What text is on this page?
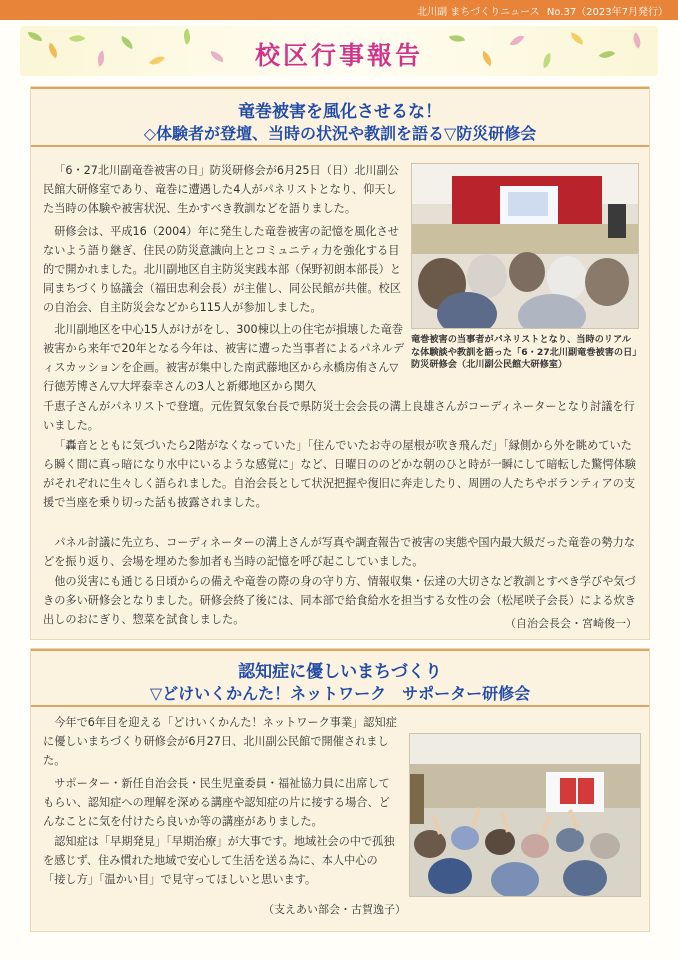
北川副 まちづくりニュース No.37（2023年7月発行）
校区行事報告
竜巻被害を風化させるな！
◇体験者が登壇、当時の状況や教訓を語る▽防災研修会

「6・27北川副竜巻被害の日」防災研修会が6月25日（日）北川副公民館大研修室であり、竜巻に遭遇した4人がパネリストとなり、仰天した当時の体験や被害状況、生かすべき教訓などを語りました。

研修会は、平成16（2004）年に発生した竜巻被害の記憶を風化させないよう語り継ぎ、住民の防災意識向上とコミュニティ力を強化する目的で開かれました。北川副地区自主防災実践本部（保野初朗本部長）と同まちづくり協議会（福田忠利会長）が主催し、同公民館が共催。校区の自治会、自主防災会などから115人が参加しました。

北川副地区を中心15人がけがをし、300棟以上の住宅が損壊した竜巻被害から来年で20年となる今年は、被害に遭った当事者によるパネルディスカッションを企画。被害が集中した南武藤地区から永橋房侑さん▽行徳芳博さん▽大坪泰幸さんの3人と新郷地区から関久

千恵子さんがパネリストで登壇。元佐賀気象台長で県防災士会会長の溝上良雄さんがコーディネーターとなり討議を行いました。

「轟音とともに気づいたら2階がなくなっていた」「住んでいたお寺の屋根が吹き飛んだ」「縁側から外を眺めていたら瞬く間に真っ暗になり水中にいるような感覚に」など、日曜日ののどかな朝のひと時が一瞬にして暗転した驚愕体験がそれぞれに生々しく語られました。自治会長として状況把握や復旧に奔走したり、周囲の人たちやボランティアの支援で当座を乗り切った話も披露されました。

パネル討議に先立ち、コーディネーターの溝上さんが写真や調査報告で被害の実態や国内最大級だった竜巻の勢力などを振り返り、会場を埋めた参加者も当時の記憶を呼び起こしていました。

他の災害にも通じる日頃からの備えや竜巻の際の身の守り方、情報収集・伝達の大切さなど教訓とすべき学びや気づきの多い研修会となりました。研修会終了後には、同本部で給食給水を担当する女性の会（松尾咲子会長）による炊き出しのおにぎり、惣菜を試食しました。

竜巻被害の当事者がパネリストとなり、当時のリアルな体験談や教訓を語った「6・27北川副竜巻被害の日」防災研修会（北川副公民館大研修室）
（自治会長会・宮崎俊一）
認知症に優しいまちづくり
▽どけいくかんた！ネットワーク　サポーター研修会

今年で6年目を迎える「どけいくかんた！ネットワーク事業」認知症に優しいまちづくり研修会が6月27日、北川副公民館で開催されました。

サポーター・新任自治会長・民生児童委員・福祉協力員に出席してもらい、認知症への理解を深める講座や認知症の片に接する場合、どんなことに気を付けたら良いか等の講座がありました。

認知症は「早期発見」「早期治療」が大事です。地域社会の中で孤独を感じず、住み慣れた地域で安心して生活を送る為に、本人中心の「接し方」「温かい目」で見守ってほしいと思います。

（支えあい部会・古賀逸子）
